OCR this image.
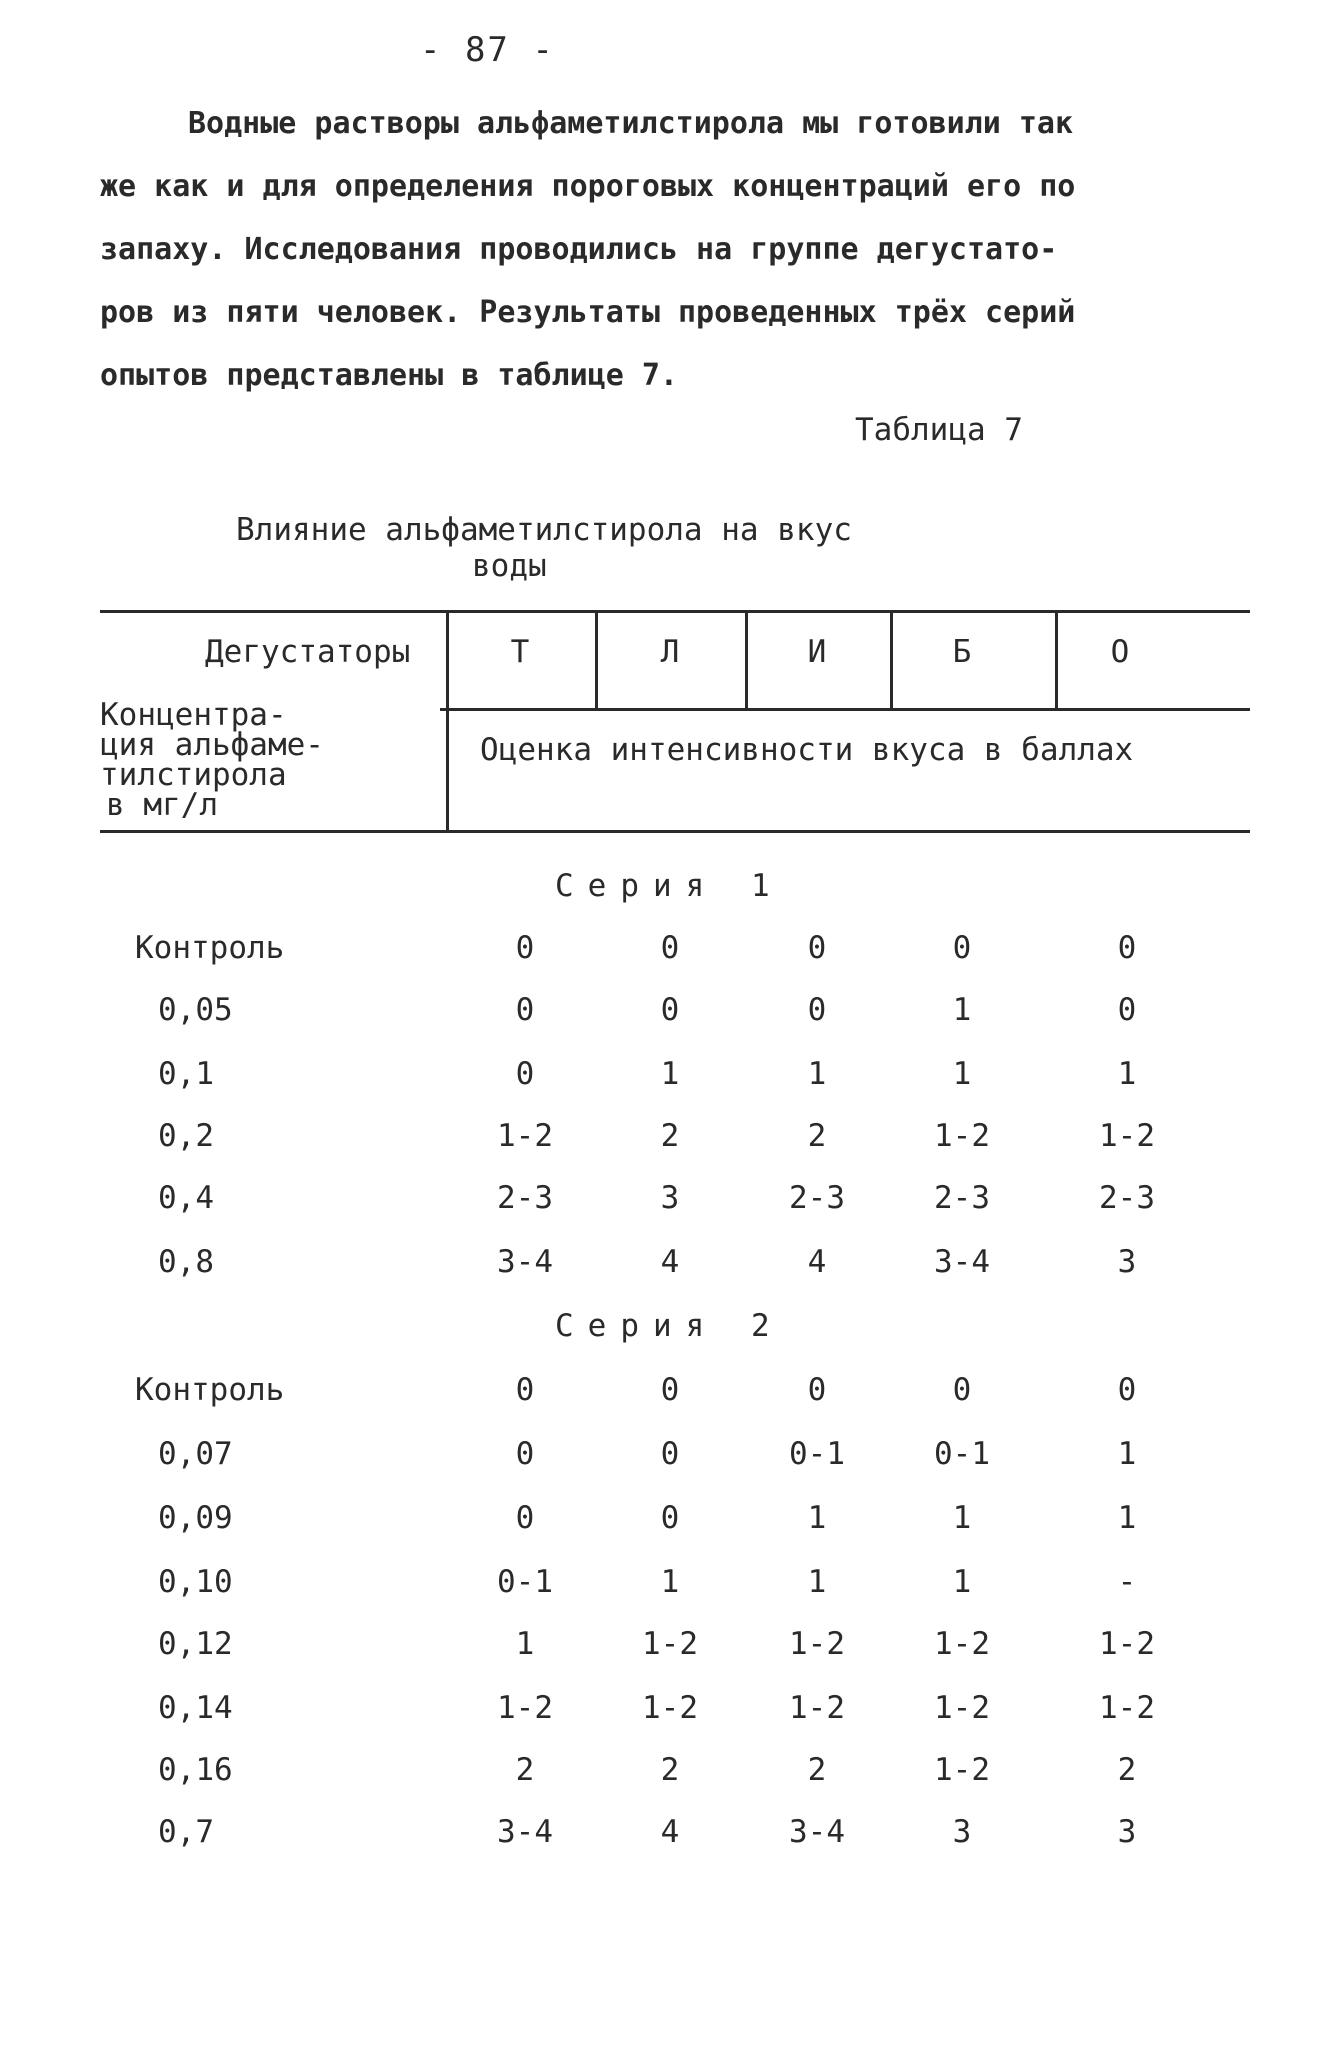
- 87 -
Водные растворы альфаметилстирола мы готовили так
же как и для определения пороговых концентраций его по
запаху. Исследования проводились на группе дегустато-
ров из пяти человек. Результаты проведенных трёх серий
опытов представлены в таблице 7.
Таблица 7
Влияние альфаметилстирола на вкус
воды
Дегустаторы	Т	Л	И	Б	О
Концентра-
ция альфаме-
тилстирола
в мг/л
Оценка интенсивности вкуса в баллах
Серия 1
Контроль	0	0	0	0	0
0,05	0	0	0	1	0
0,1	0	1	1	1	1
0,2	1-2	2	2	1-2	1-2
0,4	2-3	3	2-3	2-3	2-3
0,8	3-4	4	4	3-4	3
Серия 2
Контроль	0	0	0	0	0
0,07	0	0	0-1	0-1	1
0,09	0	0	1	1	1
0,10	0-1	1	1	1	-
0,12	1	1-2	1-2	1-2	1-2
0,14	1-2	1-2	1-2	1-2	1-2
0,16	2	2	2	1-2	2
0,7	3-4	4	3-4	3	3
